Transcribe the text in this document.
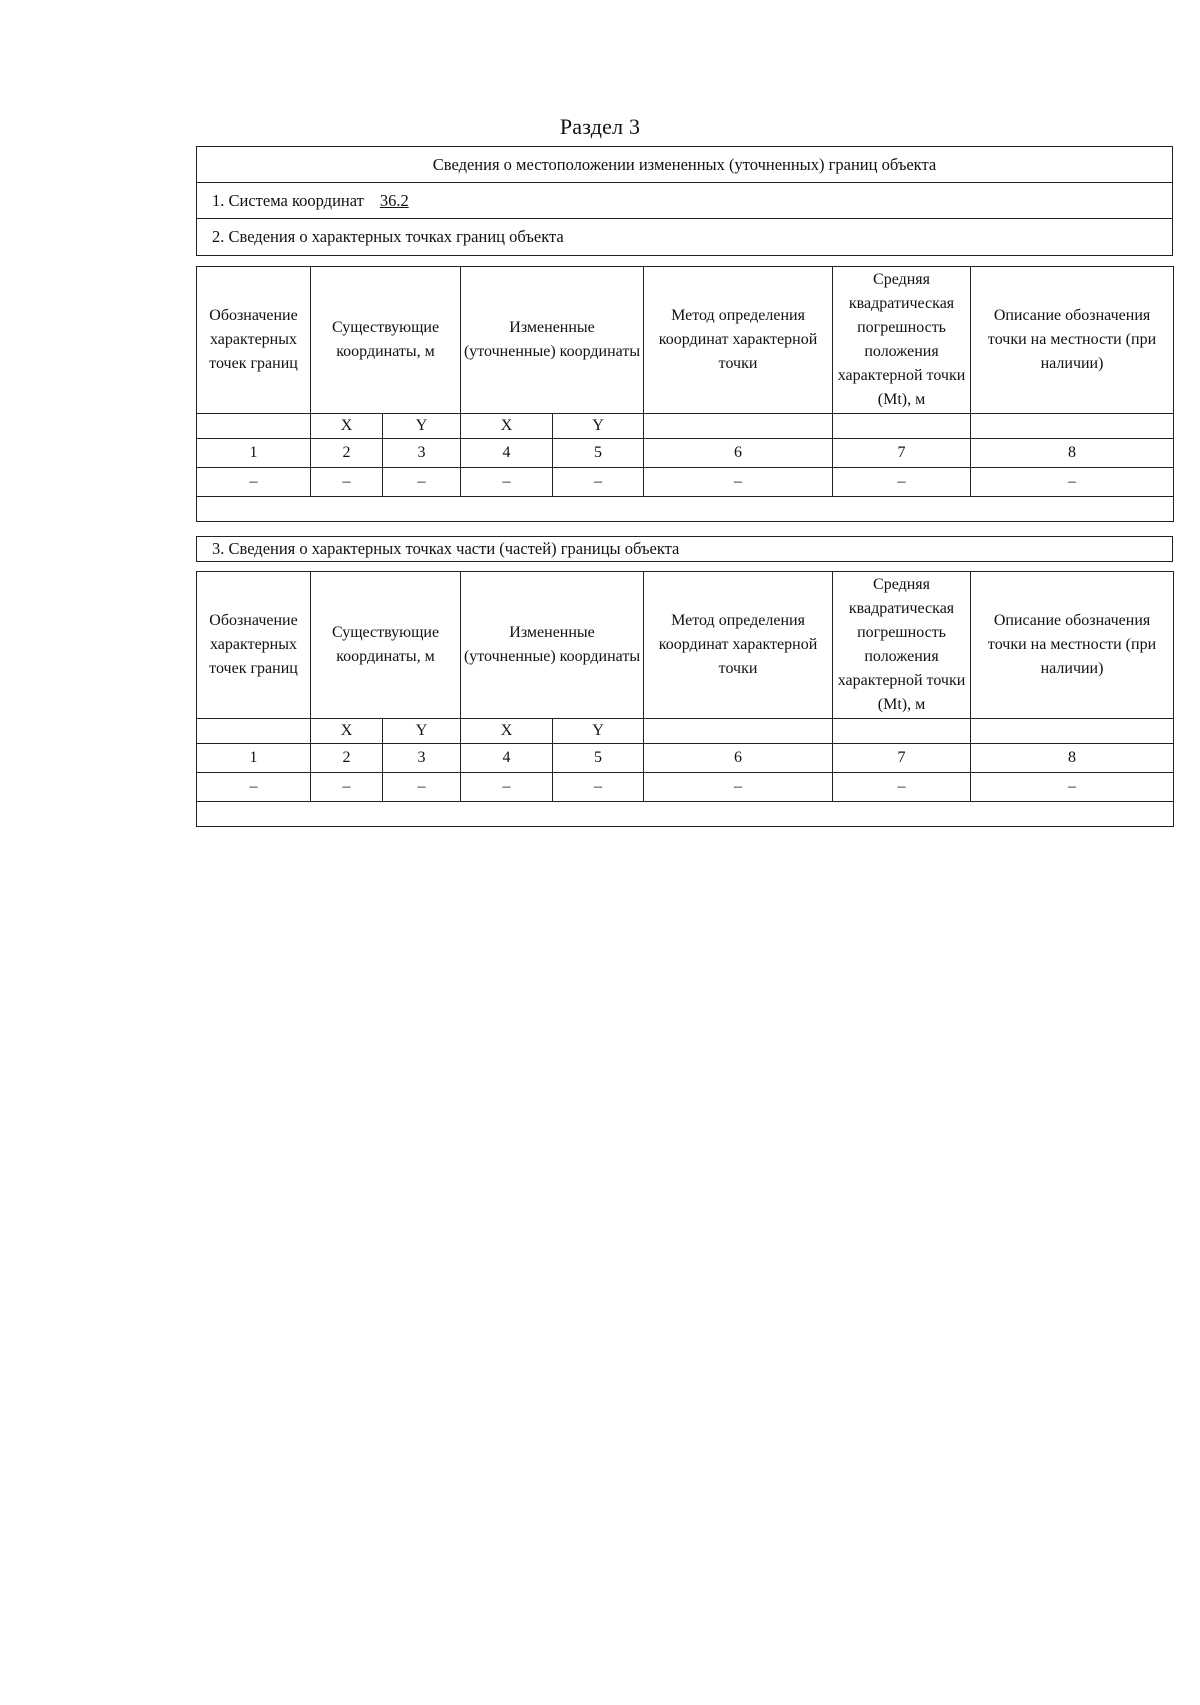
Раздел 3
Сведения о местоположении измененных (уточненных) границ объекта
1. Система координат 36.2
2. Сведения о характерных точках границ объекта
Обозначение характерных точек границ	Существующие координаты, м		Измененные (уточненные) координаты		Метод определения координат характерной точки	Средняя квадратическая погрешность положения характерной точки (Mt), м	Описание обозначения точки на местности (при наличии)
	X	Y	X	Y			
1	2	3	4	5	6	7	8
–	–	–	–	–	–	–	–

3. Сведения о характерных точках части (частей) границы объекта
Обозначение характерных точек границ	Существующие координаты, м		Измененные (уточненные) координаты		Метод определения координат характерной точки	Средняя квадратическая погрешность положения характерной точки (Mt), м	Описание обозначения точки на местности (при наличии)
	X	Y	X	Y			
1	2	3	4	5	6	7	8
–	–	–	–	–	–	–	–
